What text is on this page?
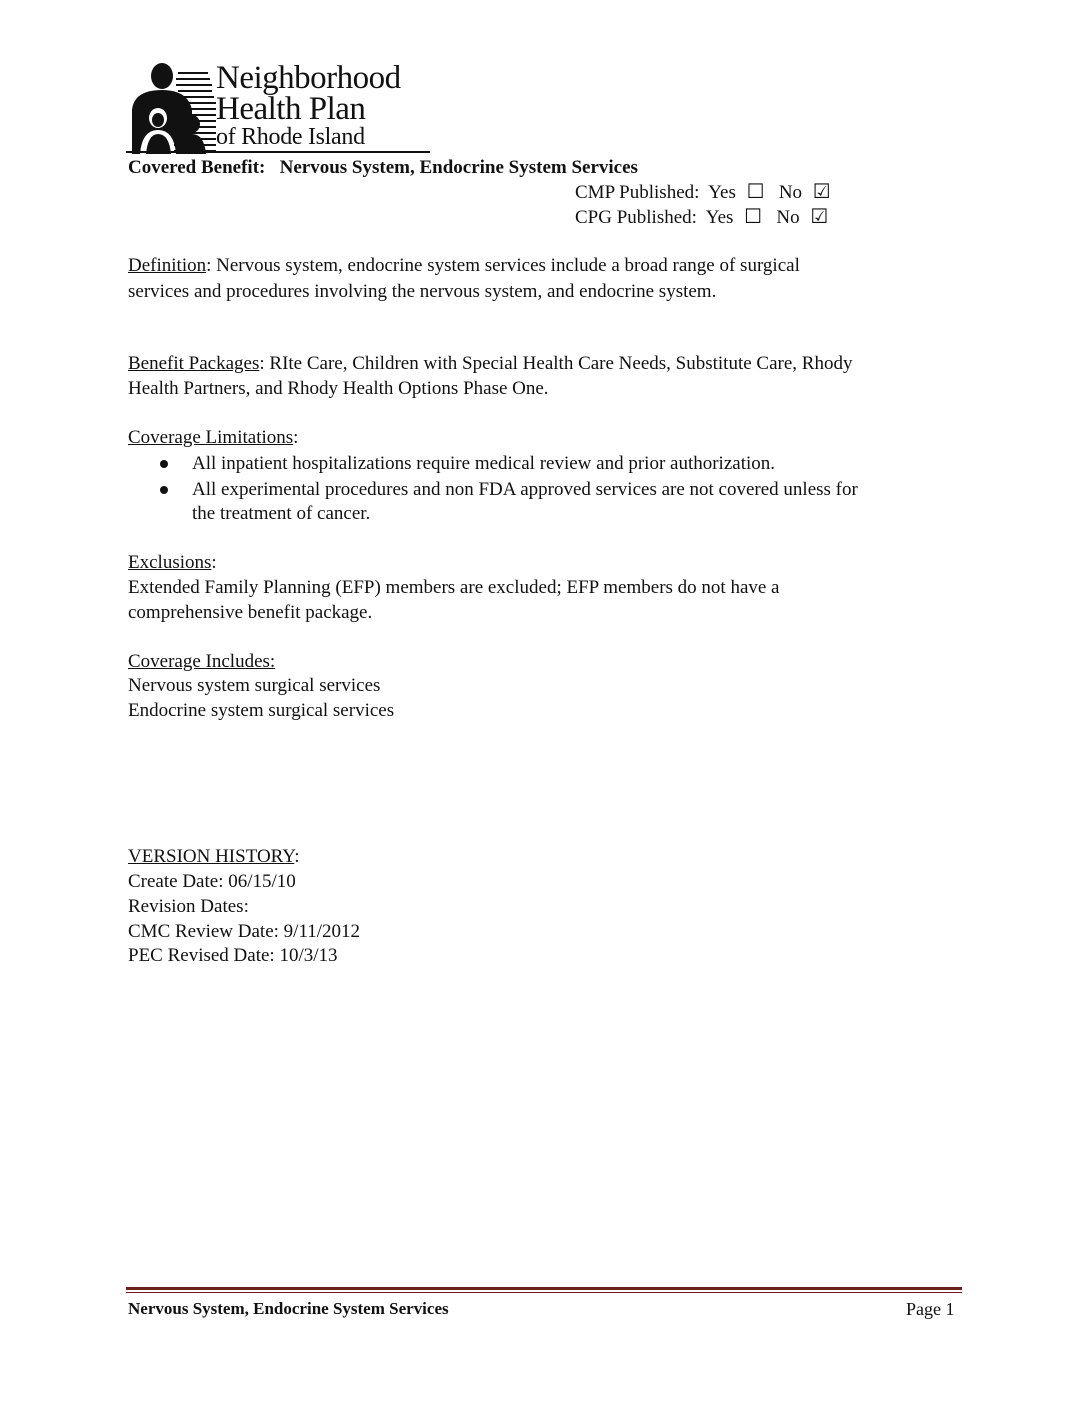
Neighborhood
Health Plan
of Rhode Island
Covered Benefit: Nervous System, Endocrine System Services
CMP Published: Yes ☐ No ☑
CPG Published: Yes ☐ No ☑
Definition: Nervous system, endocrine system services include a broad range of surgical
services and procedures involving the nervous system, and endocrine system.
Benefit Packages: RIte Care, Children with Special Health Care Needs, Substitute Care, Rhody
Health Partners, and Rhody Health Options Phase One.
Coverage Limitations:
All inpatient hospitalizations require medical review and prior authorization.
All experimental procedures and non FDA approved services are not covered unless for
the treatment of cancer.
Exclusions:
Extended Family Planning (EFP) members are excluded; EFP members do not have a
comprehensive benefit package.
Coverage Includes:
Nervous system surgical services
Endocrine system surgical services
VERSION HISTORY:
Create Date: 06/15/10
Revision Dates:
CMC Review Date: 9/11/2012
PEC Revised Date: 10/3/13
Nervous System, Endocrine System Services	Page 1
